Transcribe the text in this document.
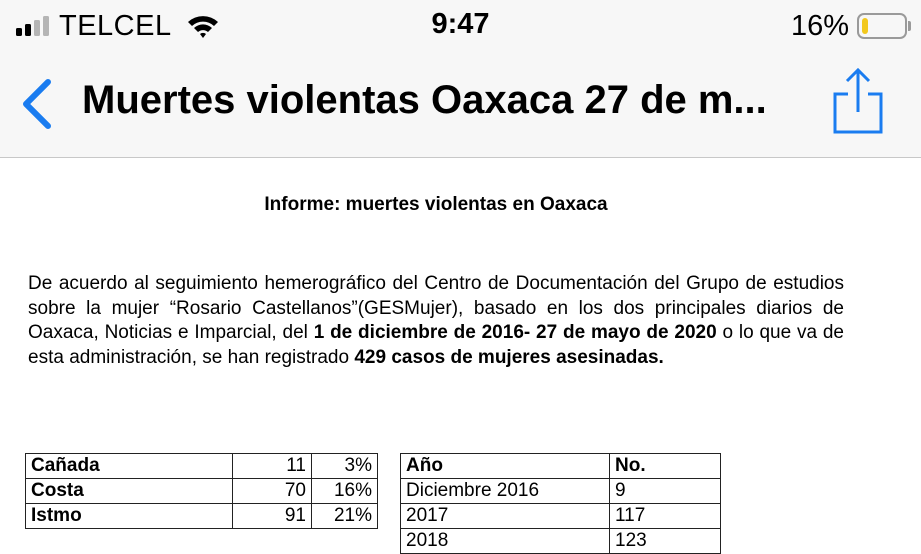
TELCEL	9:47	16%
Muertes violentas Oaxaca 27 de m...
Informe: muertes violentas en Oaxaca

De acuerdo al seguimiento hemerográfico del Centro de Documentación del Grupo de estudios sobre la mujer “Rosario Castellanos”(GESMujer), basado en los dos principales diarios de Oaxaca, Noticias e Imparcial, del 1 de diciembre de 2016- 27 de mayo de 2020 o lo que va de esta administración, se han registrado 429 casos de mujeres asesinadas.

Cañada	11	3%
Costa	70	16%
Istmo	91	21%
Año	No.
Diciembre 2016	9
2017	117
2018	123
